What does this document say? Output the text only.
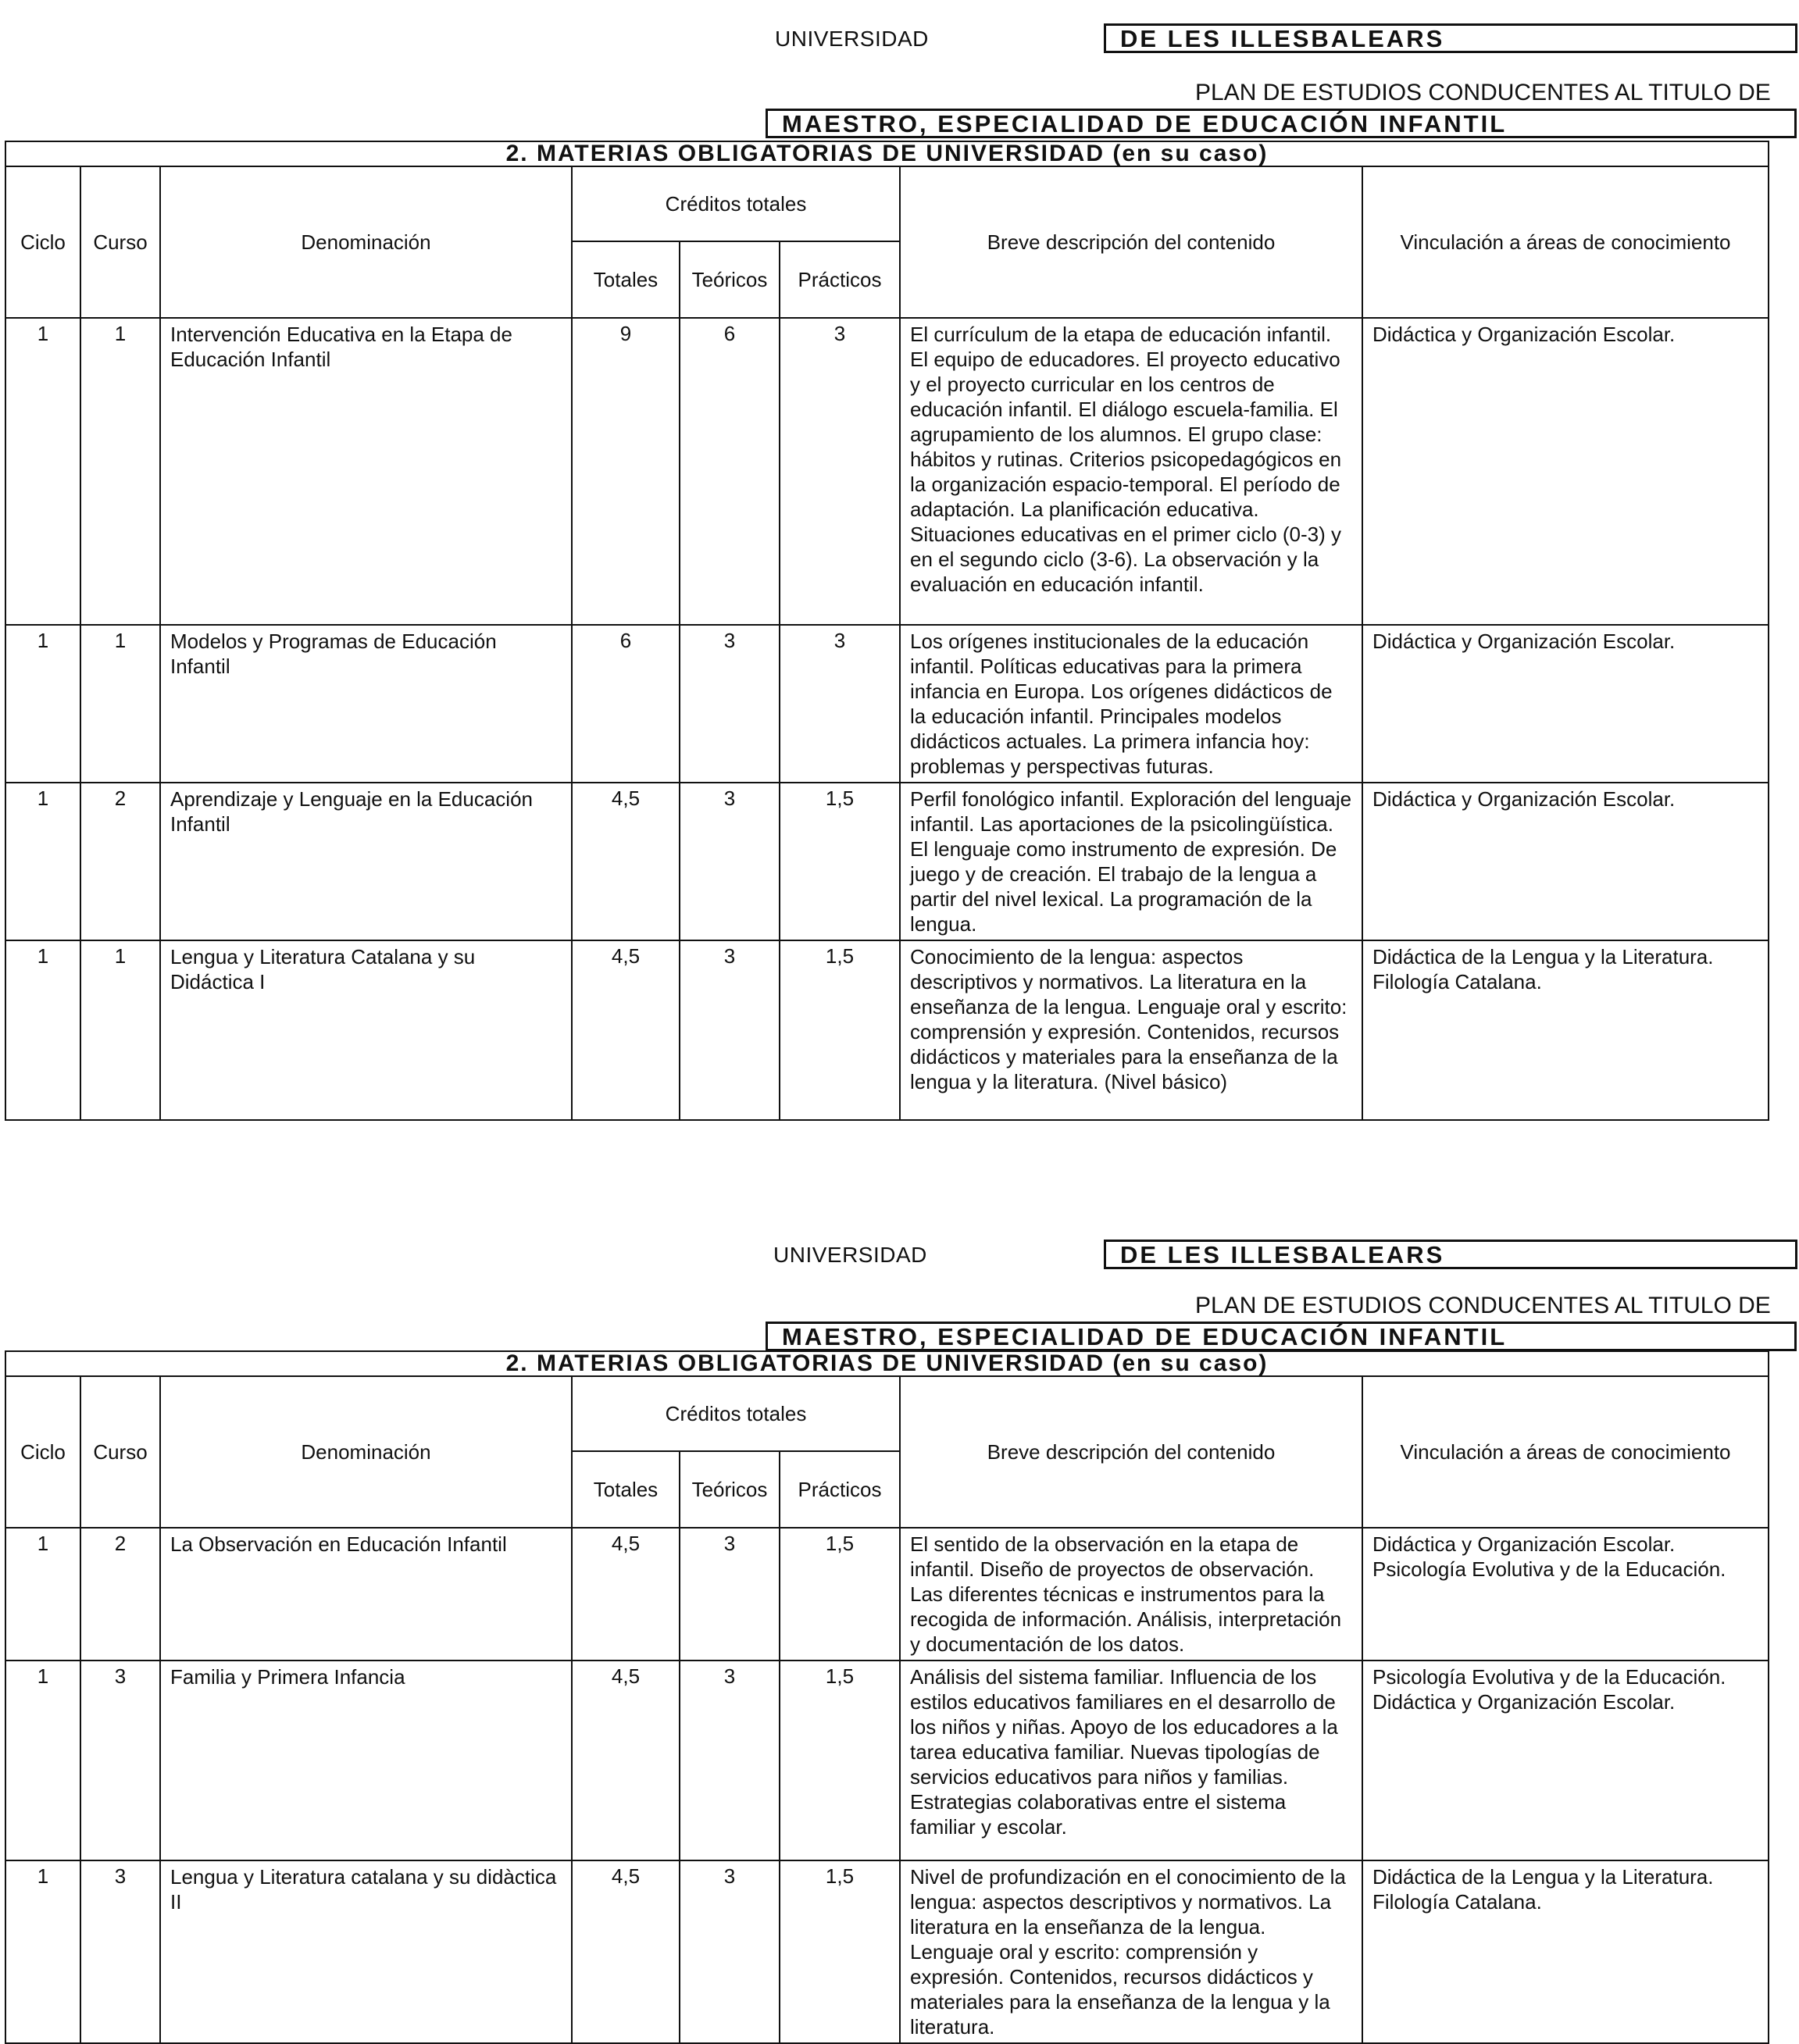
UNIVERSIDAD	DE LES ILLESBALEARS
PLAN DE ESTUDIOS CONDUCENTES AL TITULO DE
MAESTRO, ESPECIALIDAD DE EDUCACIÓN INFANTIL
2. MATERIAS OBLIGATORIAS DE UNIVERSIDAD (en su caso)							
Ciclo	Curso	Denominación	Créditos totales			Breve descripción del contenido	Vinculación a áreas de conocimiento
			Totales	Teóricos	Prácticos		
1	1	Intervención Educativa en la Etapa de Educación Infantil	9	6	3	El currículum de la etapa de educación infantil. El equipo de educadores. El proyecto educativo y el proyecto curricular en los centros de educación infantil. El diálogo escuela-familia. El agrupamiento de los alumnos. El grupo clase: hábitos y rutinas. Criterios psicopedagógicos en la organización espacio-temporal. El período de adaptación. La planificación educativa. Situaciones educativas en el primer ciclo (0-3) y en el segundo ciclo (3-6). La observación y la evaluación en educación infantil.	Didáctica y Organización Escolar.
1	1	Modelos y Programas de Educación Infantil	6	3	3	Los orígenes institucionales de la educación infantil. Políticas educativas para la primera infancia en Europa. Los orígenes didácticos de la educación infantil. Principales modelos didácticos actuales. La primera infancia hoy: problemas y perspectivas futuras.	Didáctica y Organización Escolar.
1	2	Aprendizaje y Lenguaje en la Educación Infantil	4,5	3	1,5	Perfil fonológico infantil. Exploración del lenguaje infantil. Las aportaciones de la psicolingüística. El lenguaje como instrumento de expresión. De juego y de creación. El trabajo de la lengua a partir del nivel lexical. La programación de la lengua.	Didáctica y Organización Escolar.
1	1	Lengua y Literatura Catalana y su Didáctica I	4,5	3	1,5	Conocimiento de la lengua: aspectos descriptivos y normativos. La literatura en la enseñanza de la lengua. Lenguaje oral y escrito: comprensión y expresión. Contenidos, recursos didácticos y materiales para la enseñanza de la lengua y la literatura. (Nivel básico)	Didáctica de la Lengua y la Literatura. Filología Catalana.
UNIVERSIDAD	DE LES ILLESBALEARS
PLAN DE ESTUDIOS CONDUCENTES AL TITULO DE
MAESTRO, ESPECIALIDAD DE EDUCACIÓN INFANTIL
2. MATERIAS OBLIGATORIAS DE UNIVERSIDAD (en su caso)							
Ciclo	Curso	Denominación	Créditos totales			Breve descripción del contenido	Vinculación a áreas de conocimiento
			Totales	Teóricos	Prácticos		
1	2	La Observación en Educación Infantil	4,5	3	1,5	El sentido de la observación en la etapa de infantil. Diseño de proyectos de observación. Las diferentes técnicas e instrumentos para la recogida de información. Análisis, interpretación y documentación de los datos.	Didáctica y Organización Escolar. Psicología Evolutiva y de la Educación.
1	3	Familia y Primera Infancia	4,5	3	1,5	Análisis del sistema familiar. Influencia de los estilos educativos familiares en el desarrollo de los niños y niñas. Apoyo de los educadores a la tarea educativa familiar. Nuevas tipologías de servicios educativos para niños y familias. Estrategias colaborativas entre el sistema familiar y escolar.	Psicología Evolutiva y de la Educación. Didáctica y Organización Escolar.
1	3	Lengua y Literatura catalana y su didàctica II	4,5	3	1,5	Nivel de profundización en el conocimiento de la lengua: aspectos descriptivos y normativos. La literatura en la enseñanza de la lengua. Lenguaje oral y escrito: comprensión y expresión. Contenidos, recursos didácticos y materiales para la enseñanza de la lengua y la literatura.	Didáctica de la Lengua y la Literatura. Filología Catalana.
